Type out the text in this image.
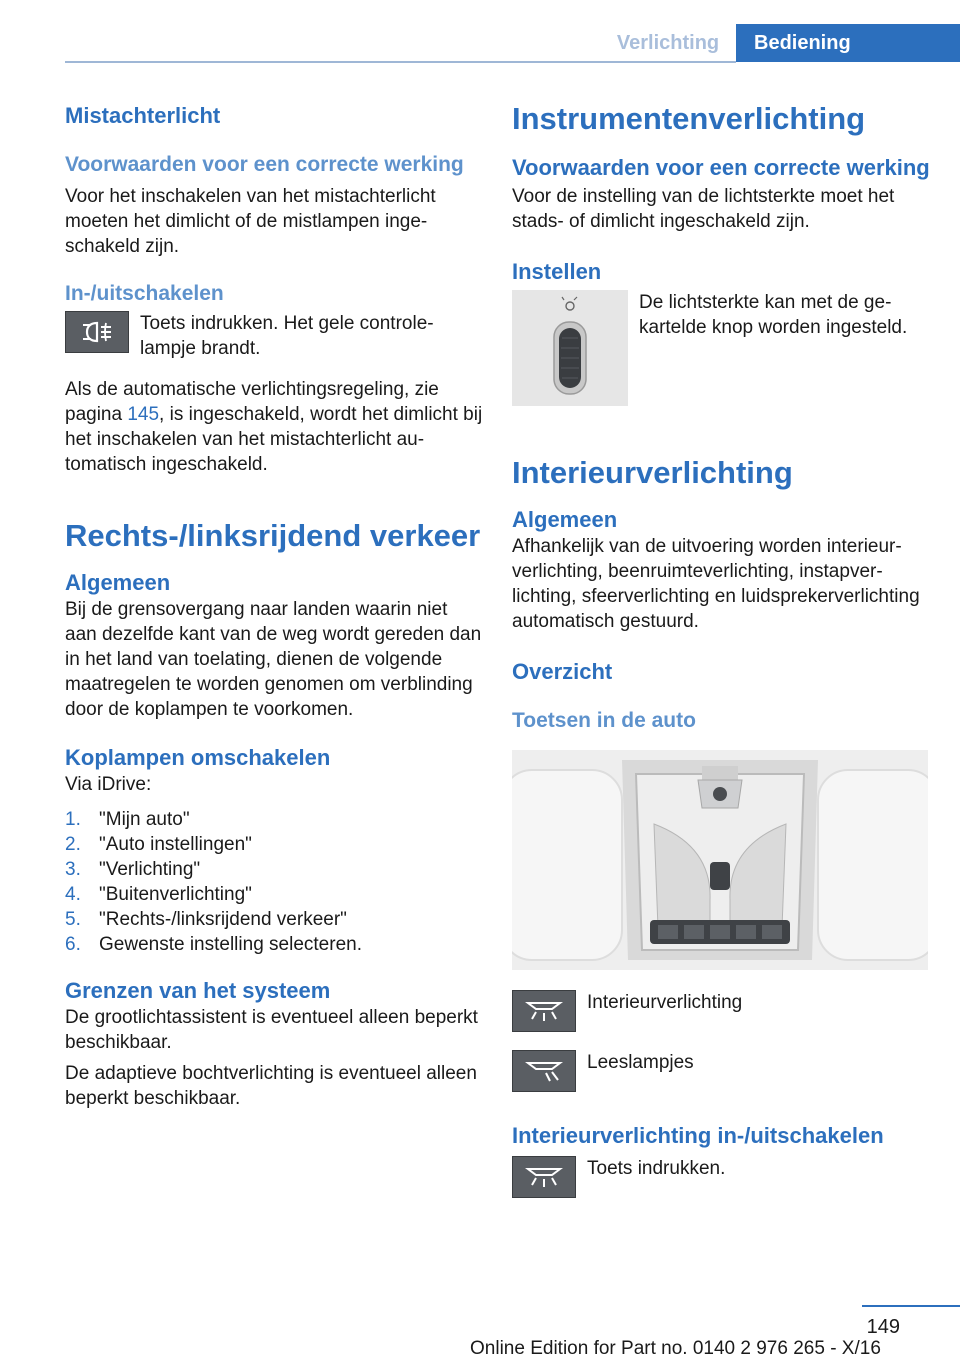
Verlichting	Bediening
Mistachterlicht
Voorwaarden voor een correcte werking

Voor het inschakelen van het mistachterlicht moeten het dimlicht of de mistlampen ingeschakeld zijn.

In-/uitschakelen
Toets indrukken. Het gele controlelampje brandt.

Als de automatische verlichtingsregeling, zie pagina 145, is ingeschakeld, wordt het dimlicht bij het inschakelen van het mistachterlicht automatisch ingeschakeld.

Rechts-/linksrijdend verkeer
Algemeen

Bij de grensovergang naar landen waarin niet aan dezelfde kant van de weg wordt gereden dan in het land van toelating, dienen de volgende maatregelen te worden genomen om verblinding door de koplampen te voorkomen.

Koplampen omschakelen

Via iDrive:

1. "Mijn auto"
2. "Auto instellingen"
3. "Verlichting"
4. "Buitenverlichting"
5. "Rechts-/linksrijdend verkeer"
6. Gewenste instelling selecteren.
Grenzen van het systeem

De grootlichtassistent is eventueel alleen beperkt beschikbaar.

De adaptieve bochtverlichting is eventueel alleen beperkt beschikbaar.

Instrumentenverlichting
Voorwaarden voor een correcte werking

Voor de instelling van de lichtsterkte moet het stads- of dimlicht ingeschakeld zijn.

Instellen
De lichtsterkte kan met de gekartelde knop worden ingesteld.
Interieurverlichting
Algemeen

Afhankelijk van de uitvoering worden interieurverlichting, beenruimteverlichting, instapverlichting, sfeerverlichting en luidsprekerverlichting automatisch gestuurd.

Overzicht
Toetsen in de auto
Interieurverlichting
Leeslampjes
Interieurverlichting in-/uitschakelen
Toets indrukken.
149
Online Edition for Part no. 0140 2 976 265 - X/16
